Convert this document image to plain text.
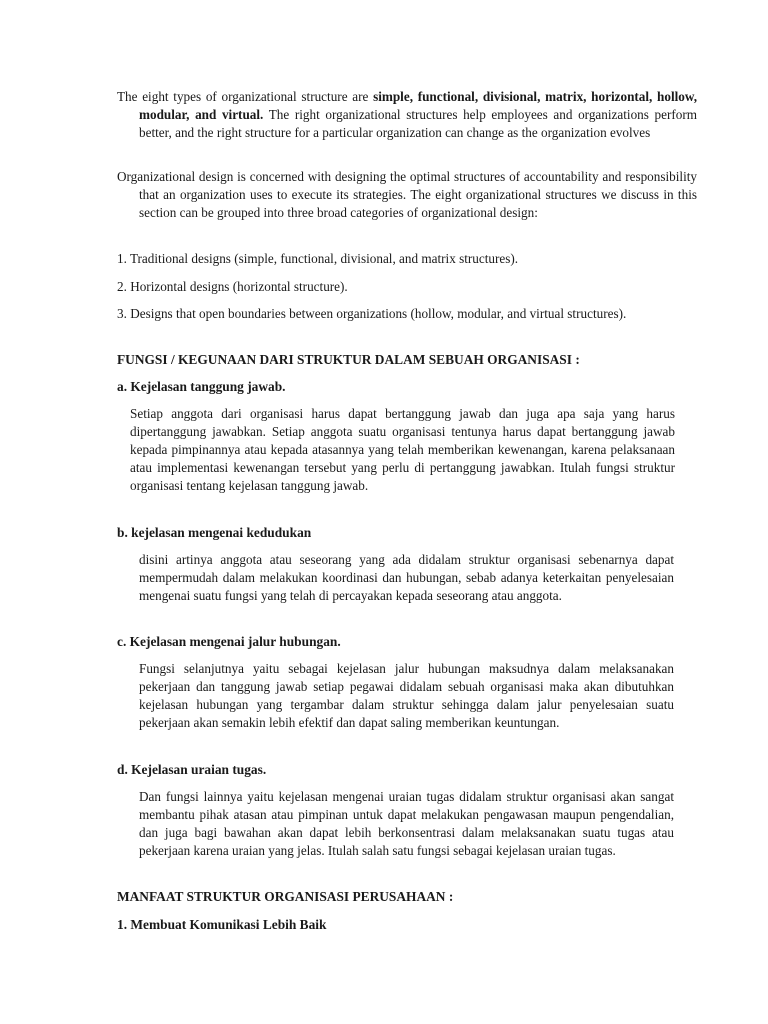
The eight types of organizational structure are simple, functional, divisional, matrix, horizontal, hollow, modular, and virtual. The right organizational structures help employees and organizations perform better, and the right structure for a particular organization can change as the organization evolves

Organizational design is concerned with designing the optimal structures of accountability and responsibility that an organization uses to execute its strategies. The eight organizational structures we discuss in this section can be grouped into three broad categories of organizational design:

1. Traditional designs (simple, functional, divisional, and matrix structures).

2. Horizontal designs (horizontal structure).

3. Designs that open boundaries between organizations (hollow, modular, and virtual structures).

FUNGSI / KEGUNAAN DARI STRUKTUR DALAM SEBUAH ORGANISASI :
a. Kejelasan tanggung jawab.

Setiap anggota dari organisasi harus dapat bertanggung jawab dan juga apa saja yang harus dipertanggung jawabkan. Setiap anggota suatu organisasi tentunya harus dapat bertanggung jawab kepada pimpinannya atau kepada atasannya yang telah memberikan kewenangan, karena pelaksanaan atau implementasi kewenangan tersebut yang perlu di pertanggung jawabkan. Itulah fungsi struktur organisasi tentang kejelasan tanggung jawab.

b. kejelasan mengenai kedudukan

disini artinya anggota atau seseorang yang ada didalam struktur organisasi sebenarnya dapat mempermudah dalam melakukan koordinasi dan hubungan, sebab adanya keterkaitan penyelesaian mengenai suatu fungsi yang telah di percayakan kepada seseorang atau anggota.

c. Kejelasan mengenai jalur hubungan.

Fungsi selanjutnya yaitu sebagai kejelasan jalur hubungan maksudnya dalam melaksanakan pekerjaan dan tanggung jawab setiap pegawai didalam sebuah organisasi maka akan dibutuhkan kejelasan hubungan yang tergambar dalam struktur sehingga dalam jalur penyelesaian suatu pekerjaan akan semakin lebih efektif dan dapat saling memberikan keuntungan.

d. Kejelasan uraian tugas.

Dan fungsi lainnya yaitu kejelasan mengenai uraian tugas didalam struktur organisasi akan sangat membantu pihak atasan atau pimpinan untuk dapat melakukan pengawasan maupun pengendalian, dan juga bagi bawahan akan dapat lebih berkonsentrasi dalam melaksanakan suatu tugas atau pekerjaan karena uraian yang jelas. Itulah salah satu fungsi sebagai kejelasan uraian tugas.

MANFAAT STRUKTUR ORGANISASI PERUSAHAAN :
1. Membuat Komunikasi Lebih Baik
